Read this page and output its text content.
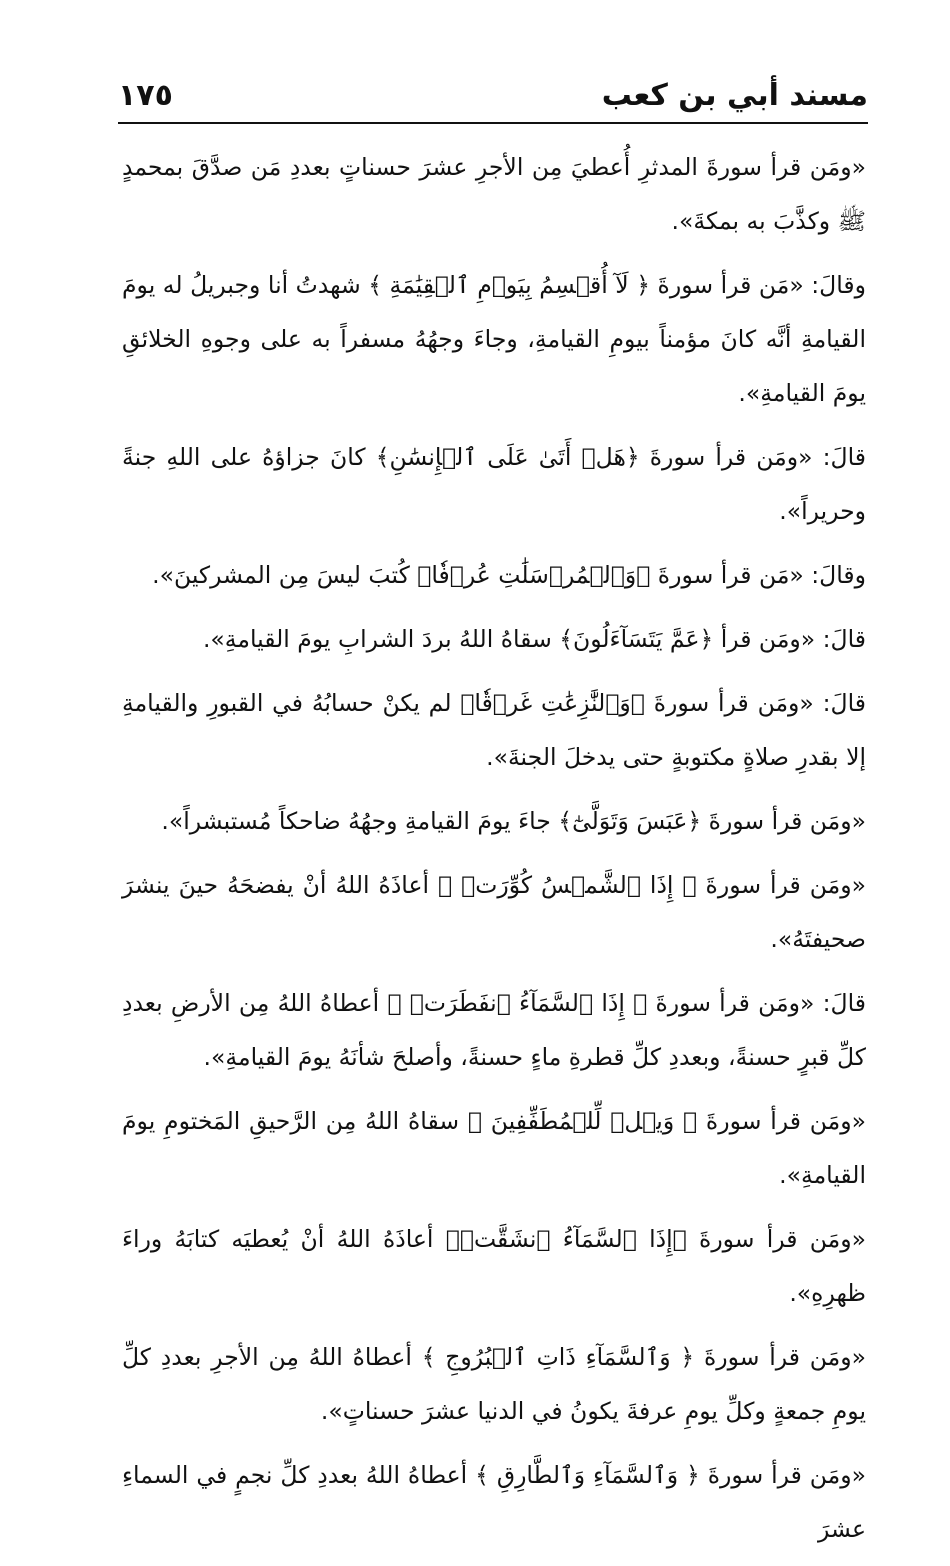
مسند أبي بن كعب
١٧٥

«ومَن قرأ سورةَ المدثرِ أُعطيَ مِن الأجرِ عشرَ حسناتٍ بعددِ مَن صدَّقَ بمحمدٍ ﷺ وكذَّبَ به بمكةَ».

وقالَ: «مَن قرأ سورةَ ﴿ لَآ أُقۡسِمُ بِيَوۡمِ ٱلۡقِيَٰمَةِ ﴾ شهدتُ أنا وجبريلُ له يومَ القيامةِ أنَّه كانَ مؤمناً بيومِ القيامةِ، وجاءَ وجهُهُ مسفراً به على وجوهِ الخلائقِ يومَ القيامةِ».

قالَ: «ومَن قرأ سورةَ ﴿هَلۡ أَتَىٰ عَلَى ٱلۡإِنسَٰنِ﴾ كانَ جزاؤهُ على اللهِ جنةً وحريراً».

وقالَ: «مَن قرأ سورةَ ﴿وَٱلۡمُرۡسَلَٰتِ عُرۡفٗا﴾ كُتبَ ليسَ مِن المشركينَ».

قالَ: «ومَن قرأ ﴿عَمَّ يَتَسَآءَلُونَ﴾ سقاهُ اللهُ بردَ الشرابِ يومَ القيامةِ».

قالَ: «ومَن قرأ سورةَ ﴿وَٱلنَّٰزِعَٰتِ غَرۡقٗا﴾ لم يكنْ حسابُهُ في القبورِ والقيامةِ إلا بقدرِ صلاةٍ مكتوبةٍ حتى يدخلَ الجنةَ».

«ومَن قرأ سورةَ ﴿عَبَسَ وَتَوَلَّىٰٓ﴾ جاءَ يومَ القيامةِ وجهُهُ ضاحكاً مُستبشراً».

«ومَن قرأ سورةَ ﴿ إِذَا ٱلشَّمۡسُ كُوِّرَتۡ ﴾ أعاذَهُ اللهُ أنْ يفضحَهُ حينَ ينشرَ صحيفتَهُ».

قالَ: «ومَن قرأ سورةَ ﴿ إِذَا ٱلسَّمَآءُ ٱنفَطَرَتۡ ﴾ أعطاهُ اللهُ مِن الأرضِ بعددِ كلِّ قبرٍ حسنةً، وبعددِ كلِّ قطرةِ ماءٍ حسنةً، وأصلحَ شأنَهُ يومَ القيامةِ».

«ومَن قرأ سورةَ ﴿ وَيۡلٞ لِّلۡمُطَفِّفِينَ ﴾ سقاهُ اللهُ مِن الرَّحيقِ المَختومِ يومَ القيامةِ».

«ومَن قرأ سورةَ ﴿إِذَا ٱلسَّمَآءُ ٱنشَقَّتۡ﴾ أعاذَهُ اللهُ أنْ يُعطيَه كتابَهُ وراءَ ظهرِهِ».

«ومَن قرأ سورةَ ﴿ وَٱلسَّمَآءِ ذَاتِ ٱلۡبُرُوجِ ﴾ أعطاهُ اللهُ مِن الأجرِ بعددِ كلِّ يومِ جمعةٍ وكلِّ يومِ عرفةَ يكونُ في الدنيا عشرَ حسناتٍ».

«ومَن قرأ سورةَ ﴿ وَٱلسَّمَآءِ وَٱلطَّارِقِ ﴾ أعطاهُ اللهُ بعددِ كلِّ نجمٍ في السماءِ عشرَ
